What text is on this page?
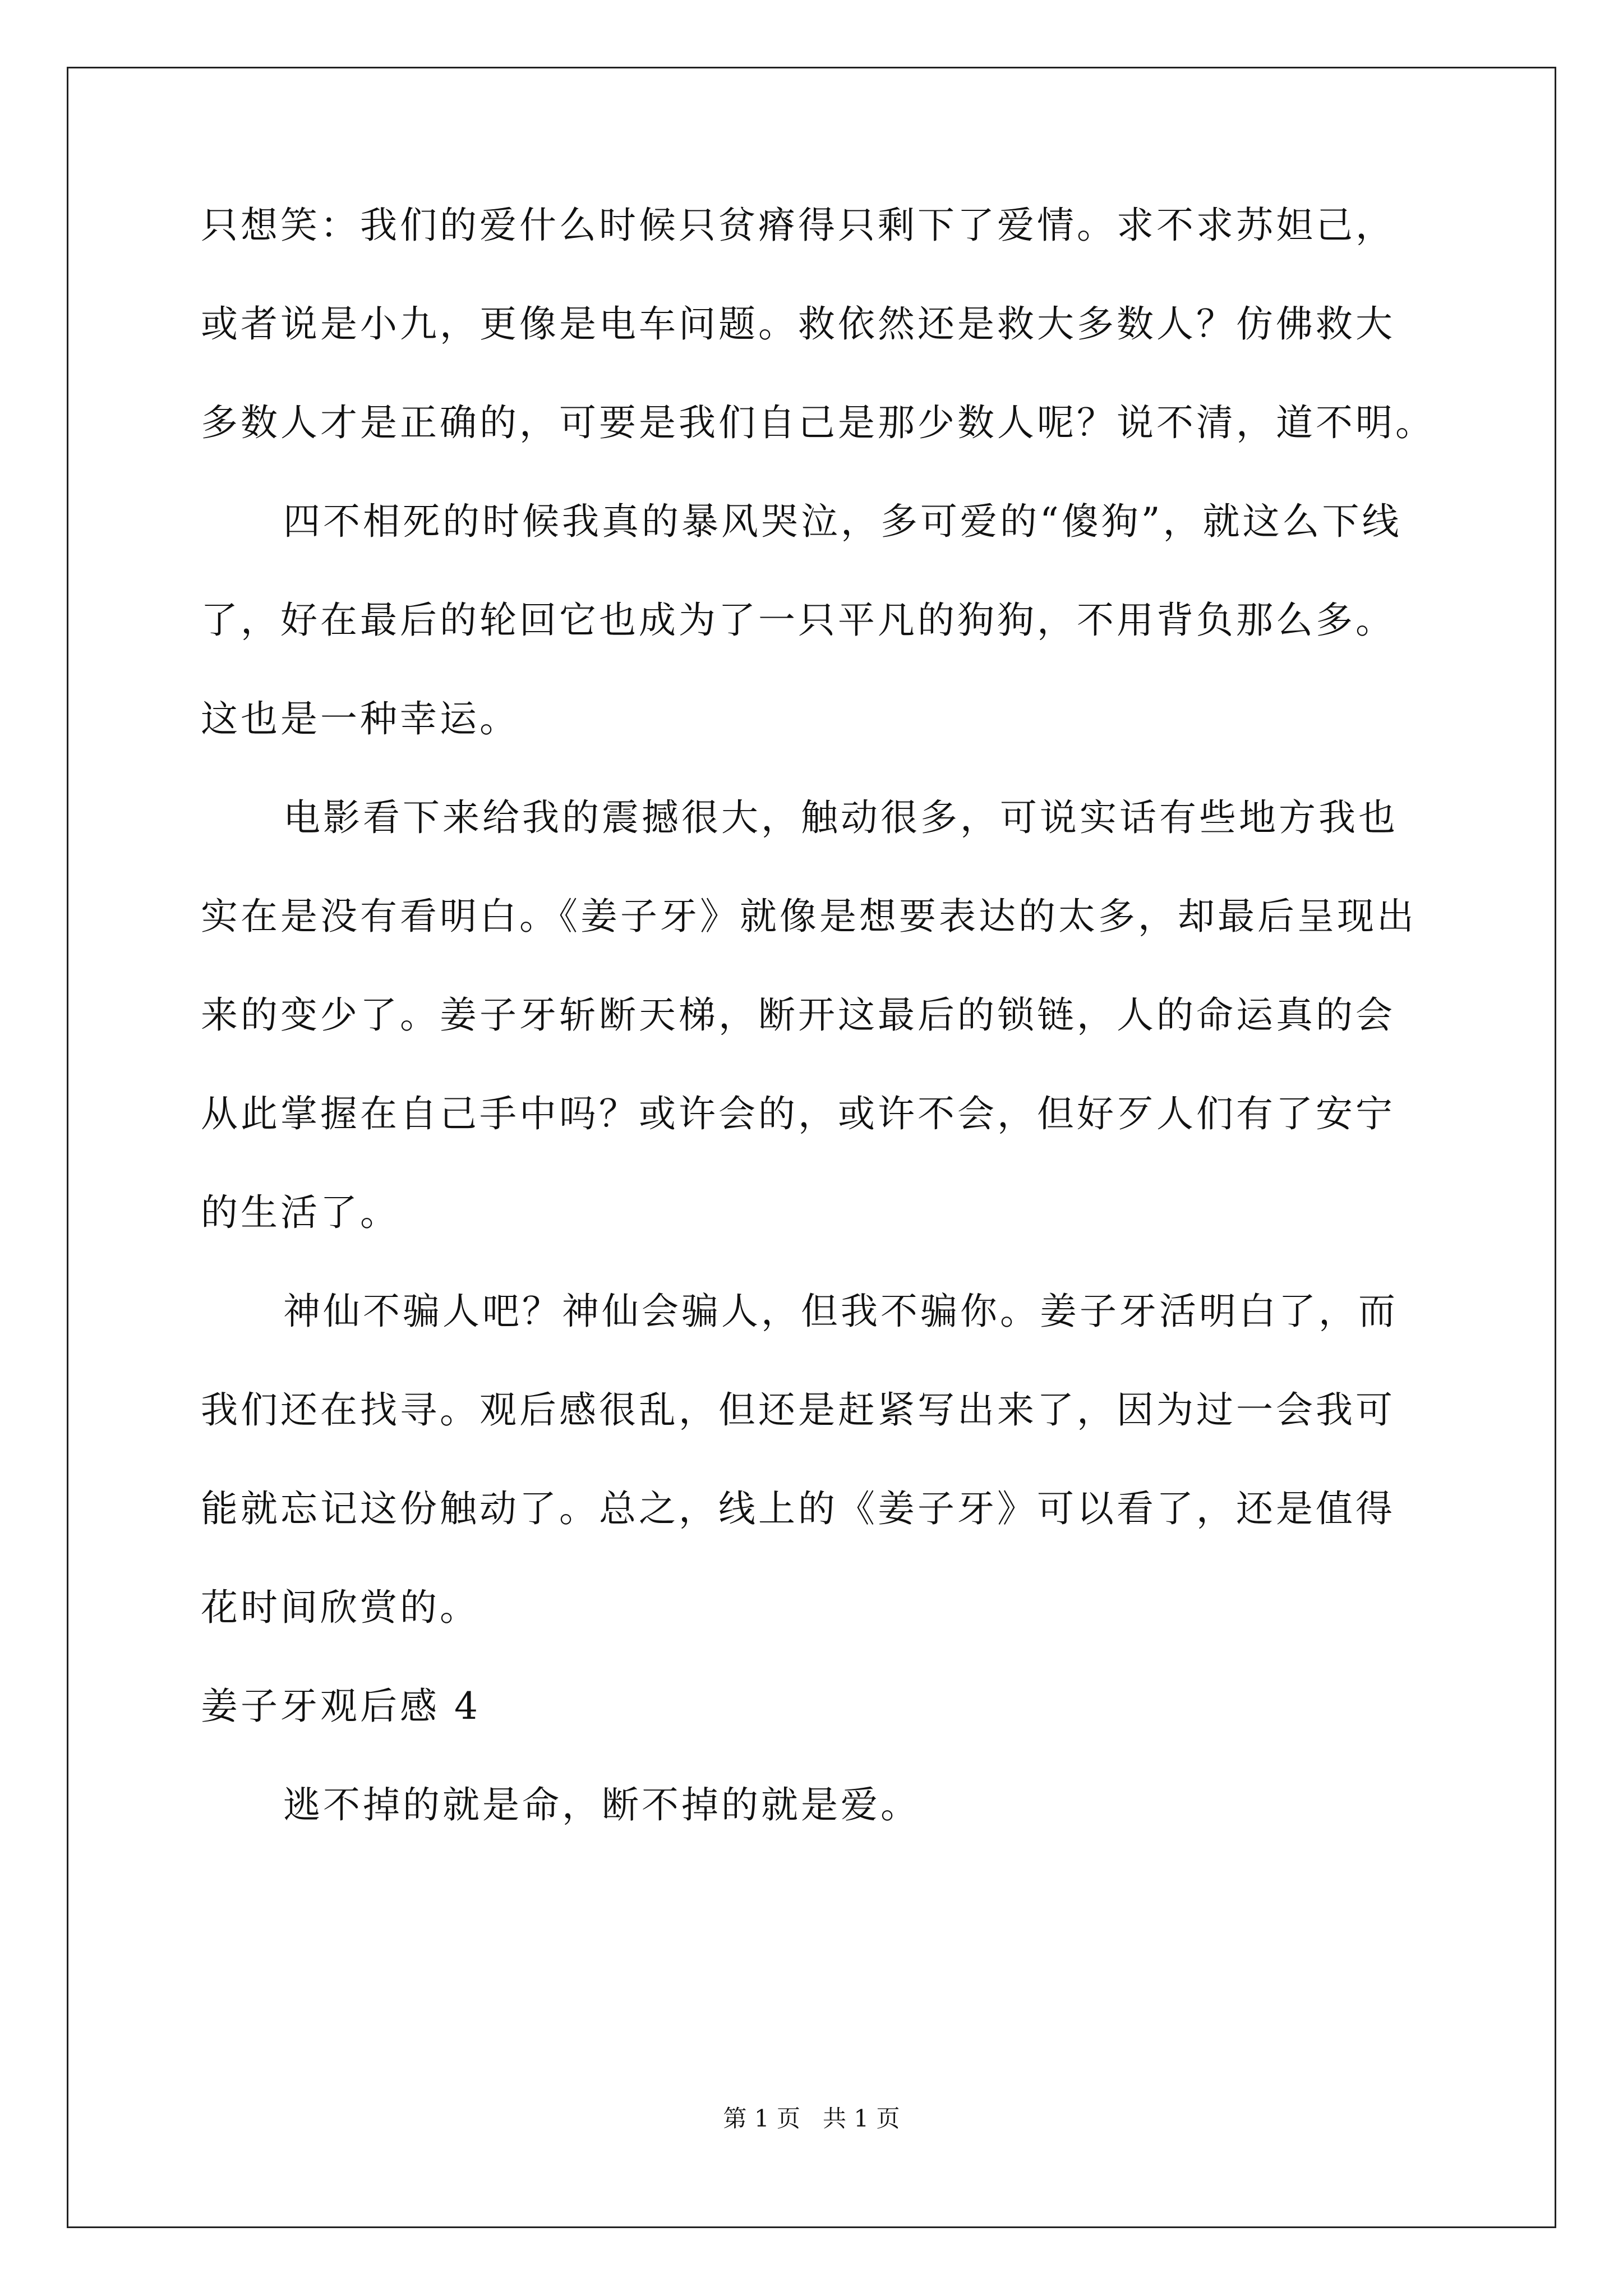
只想笑：我们的爱什么时候只贫瘠得只剩下了爱情。求不求苏妲己，
或者说是小九，更像是电车问题。救依然还是救大多数人？仿佛救大
多数人才是正确的，可要是我们自己是那少数人呢？说不清，道不明。
四不相死的时候我真的暴风哭泣，多可爱的“傻狗”，就这么下线
了，好在最后的轮回它也成为了一只平凡的狗狗，不用背负那么多。
这也是一种幸运。
电影看下来给我的震撼很大，触动很多，可说实话有些地方我也
实在是没有看明白。《姜子牙》就像是想要表达的太多，却最后呈现出
来的变少了。姜子牙斩断天梯，断开这最后的锁链，人的命运真的会
从此掌握在自己手中吗？或许会的，或许不会，但好歹人们有了安宁
的生活了。
神仙不骗人吧？神仙会骗人，但我不骗你。姜子牙活明白了，而
我们还在找寻。观后感很乱，但还是赶紧写出来了，因为过一会我可
能就忘记这份触动了。总之，线上的《姜子牙》可以看了，还是值得
花时间欣赏的。
姜子牙观后感 4
逃不掉的就是命，断不掉的就是爱。
第 1 页   共 1 页
